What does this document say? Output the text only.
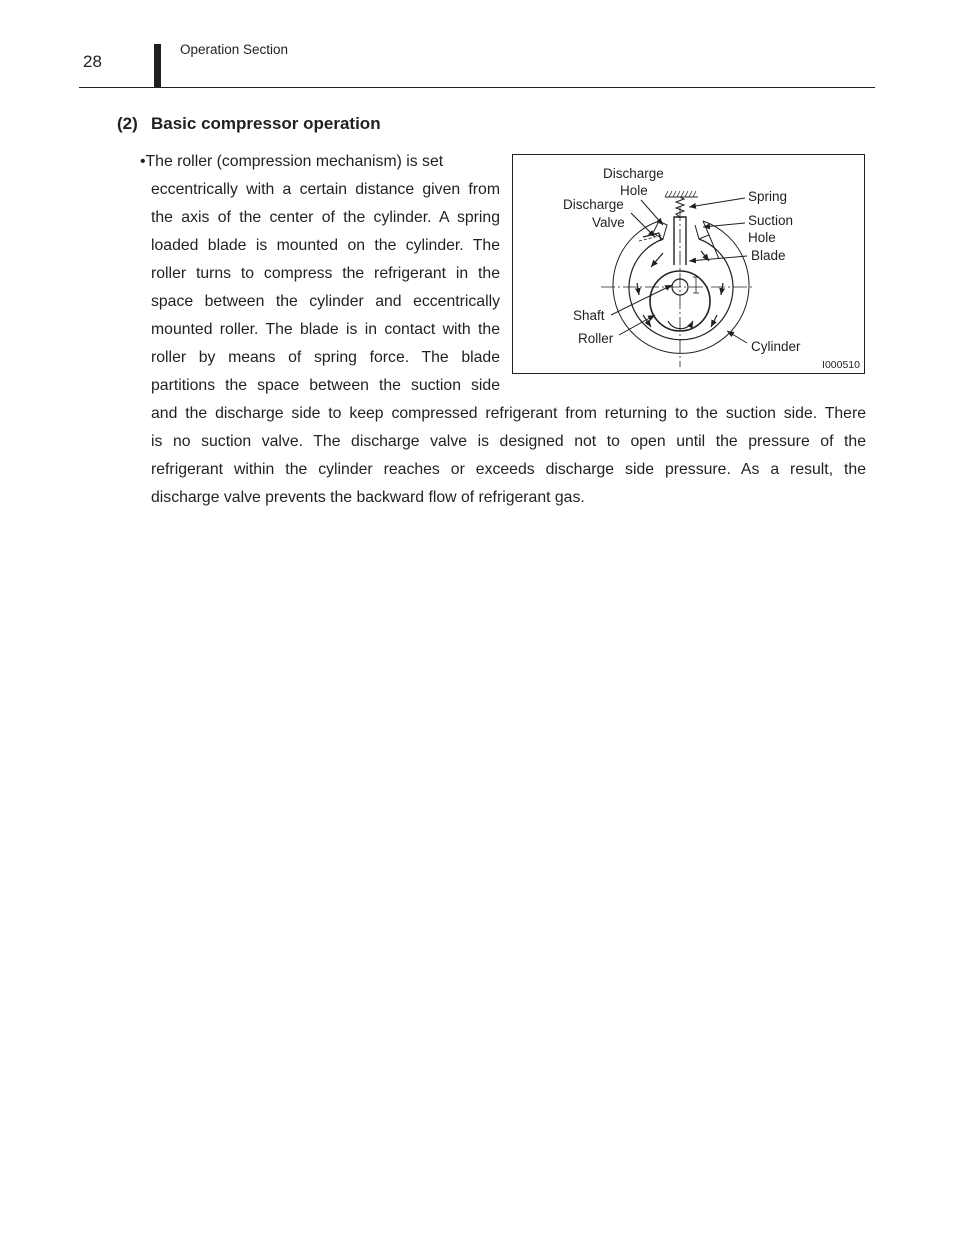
28
Operation Section
(2) Basic compressor operation
•The roller (compression mechanism) is set
eccentrically with a certain distance given from
the axis of the center of the cylinder. A spring
loaded blade is mounted on the cylinder. The
roller turns to compress the refrigerant in the
space between the cylinder and eccentrically
mounted roller. The blade is in contact with the
roller by means of spring force. The blade
partitions the space between the suction side
and the discharge side to keep compressed refrigerant from returning to the suction side. There
is no suction valve. The discharge valve is designed not to open until the pressure of the
refrigerant within the cylinder reaches or exceeds discharge side pressure. As a result, the
discharge valve prevents the backward flow of refrigerant gas.
Discharge
Hole
Discharge
Valve
Spring
Suction
Hole
Blade
Shaft
Roller
Cylinder
I000510
